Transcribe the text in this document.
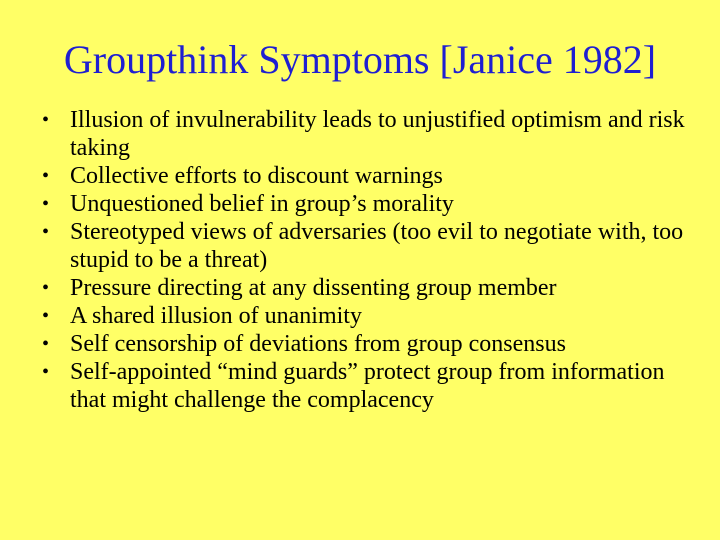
Groupthink Symptoms [Janice 1982]
• Illusion of invulnerability leads to unjustified optimism and risk taking
• Collective efforts to discount warnings
• Unquestioned belief in group’s morality
• Stereotyped views of adversaries (too evil to negotiate with, too stupid to be a threat)
• Pressure directing at any dissenting group member
• A shared illusion of unanimity
• Self censorship of deviations from group consensus
• Self-appointed “mind guards” protect group from information that might challenge the complacency
